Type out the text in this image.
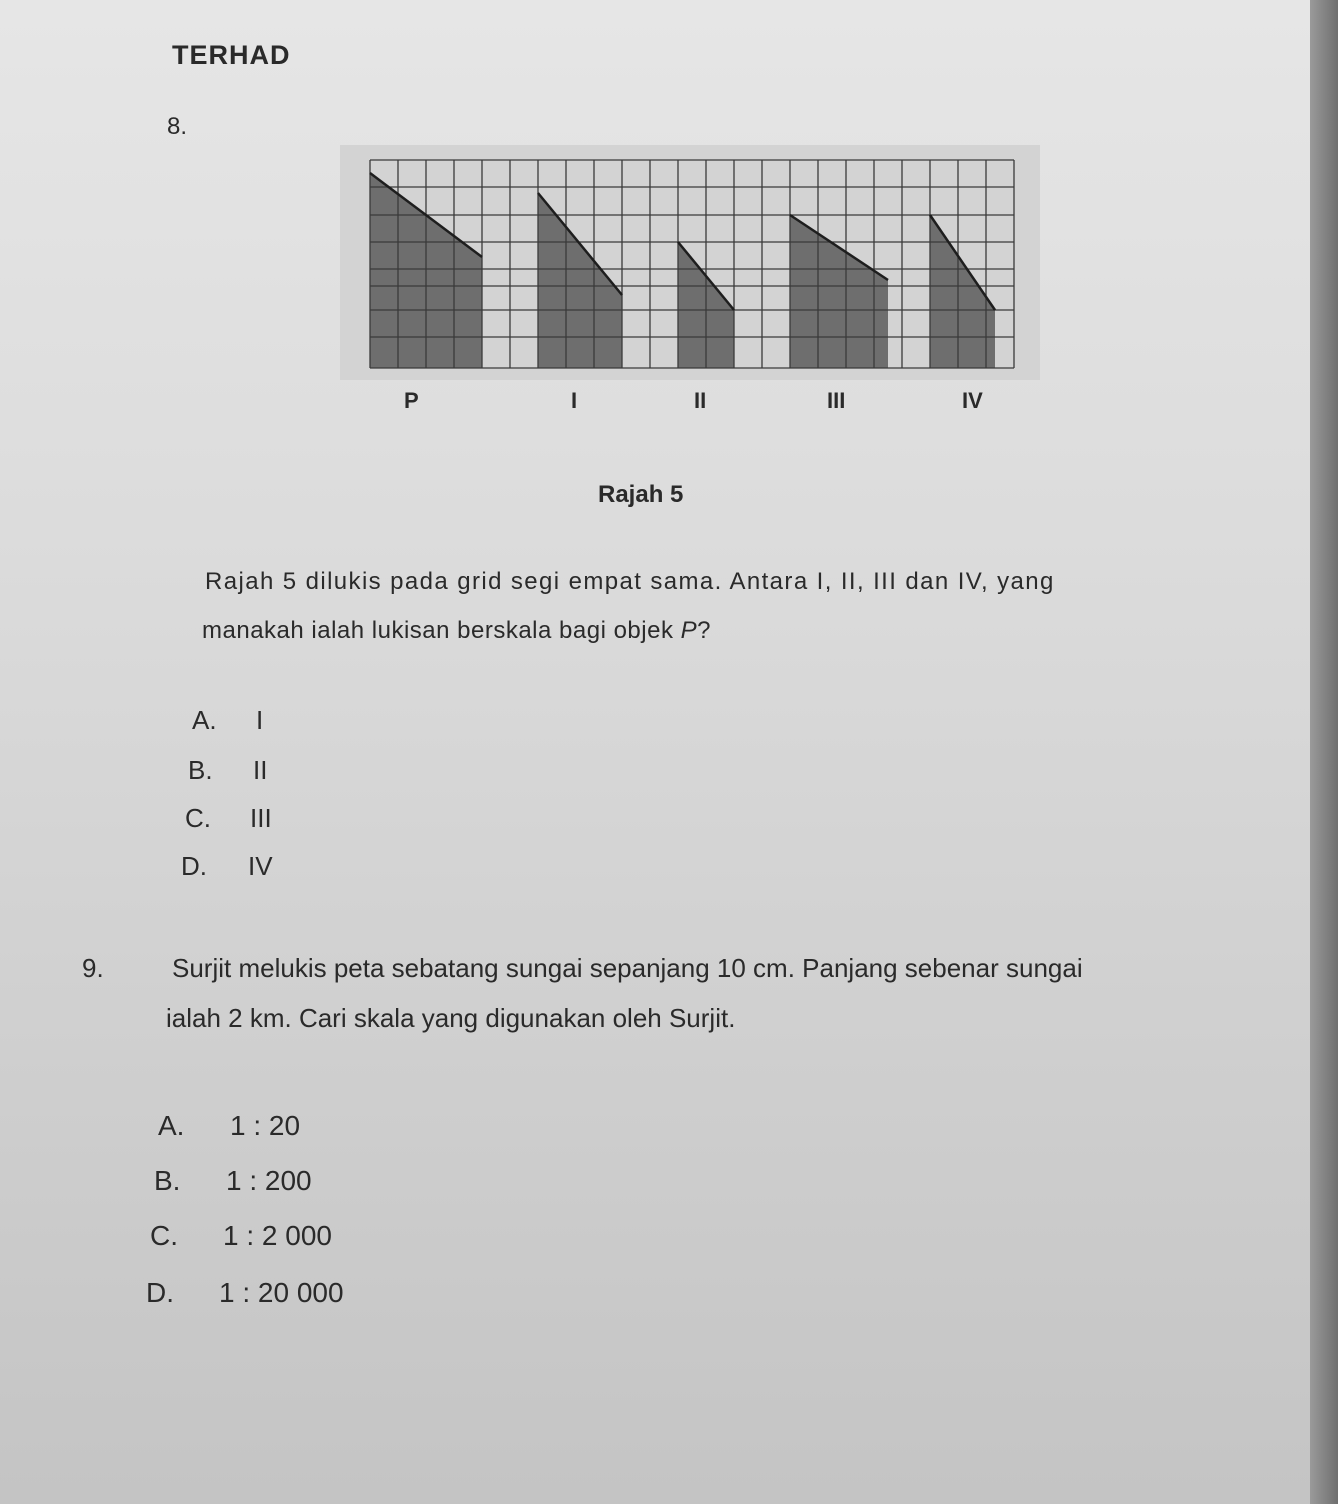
TERHAD
8.
P	I	II	III	IV
Rajah 5
Rajah 5 dilukis pada grid segi empat sama. Antara I, II, III dan IV, yang
manakah ialah lukisan berskala bagi objek P?
A. I
B. II
C. III
D. IV
9.	Surjit melukis peta sebatang sungai sepanjang 10 cm. Panjang sebenar sungai
ialah 2 km. Cari skala yang digunakan oleh Surjit.
A. 1 : 20
B. 1 : 200
C. 1 : 2 000
D. 1 : 20 000
